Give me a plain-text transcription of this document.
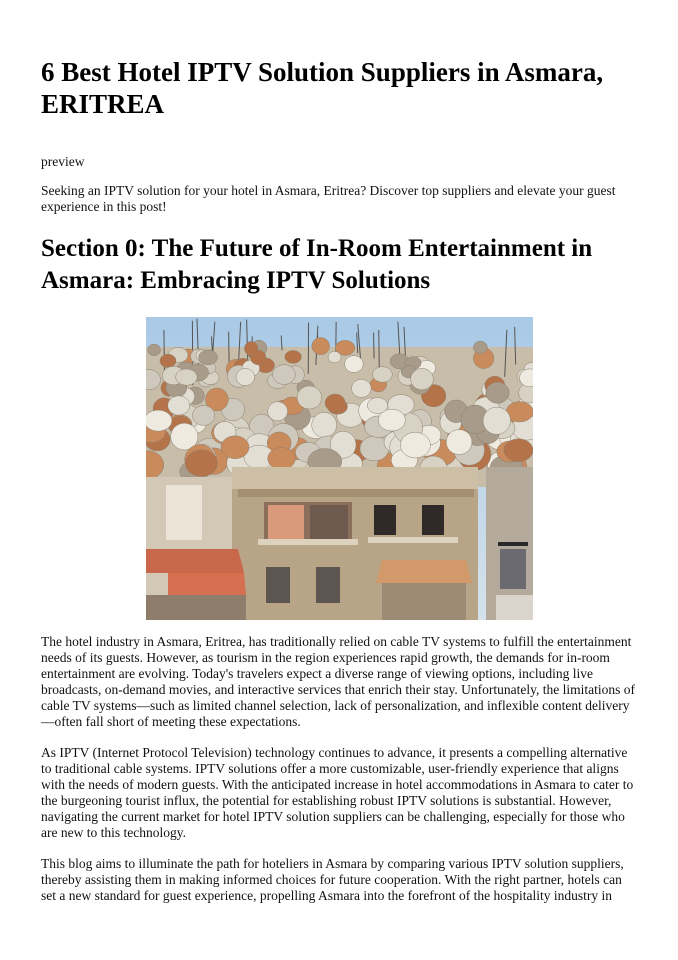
6 Best Hotel IPTV Solution Suppliers in Asmara, ERITREA

preview

Seeking an IPTV solution for your hotel in Asmara, Eritrea? Discover top suppliers and elevate your guest experience in this post!

Section 0: The Future of In-Room Entertainment in Asmara: Embracing IPTV Solutions

The hotel industry in Asmara, Eritrea, has traditionally relied on cable TV systems to fulfill the entertainment needs of its guests. However, as tourism in the region experiences rapid growth, the demands for in-room entertainment are evolving. Today's travelers expect a diverse range of viewing options, including live broadcasts, on-demand movies, and interactive services that enrich their stay. Unfortunately, the limitations of cable TV systems—such as limited channel selection, lack of personalization, and inflexible content delivery—often fall short of meeting these expectations.

As IPTV (Internet Protocol Television) technology continues to advance, it presents a compelling alternative to traditional cable systems. IPTV solutions offer a more customizable, user-friendly experience that aligns with the needs of modern guests. With the anticipated increase in hotel accommodations in Asmara to cater to the burgeoning tourist influx, the potential for establishing robust IPTV solutions is substantial. However, navigating the current market for hotel IPTV solution suppliers can be challenging, especially for those who are new to this technology.

This blog aims to illuminate the path for hoteliers in Asmara by comparing various IPTV solution suppliers, thereby assisting them in making informed choices for future cooperation. With the right partner, hotels can set a new standard for guest experience, propelling Asmara into the forefront of the hospitality industry in
